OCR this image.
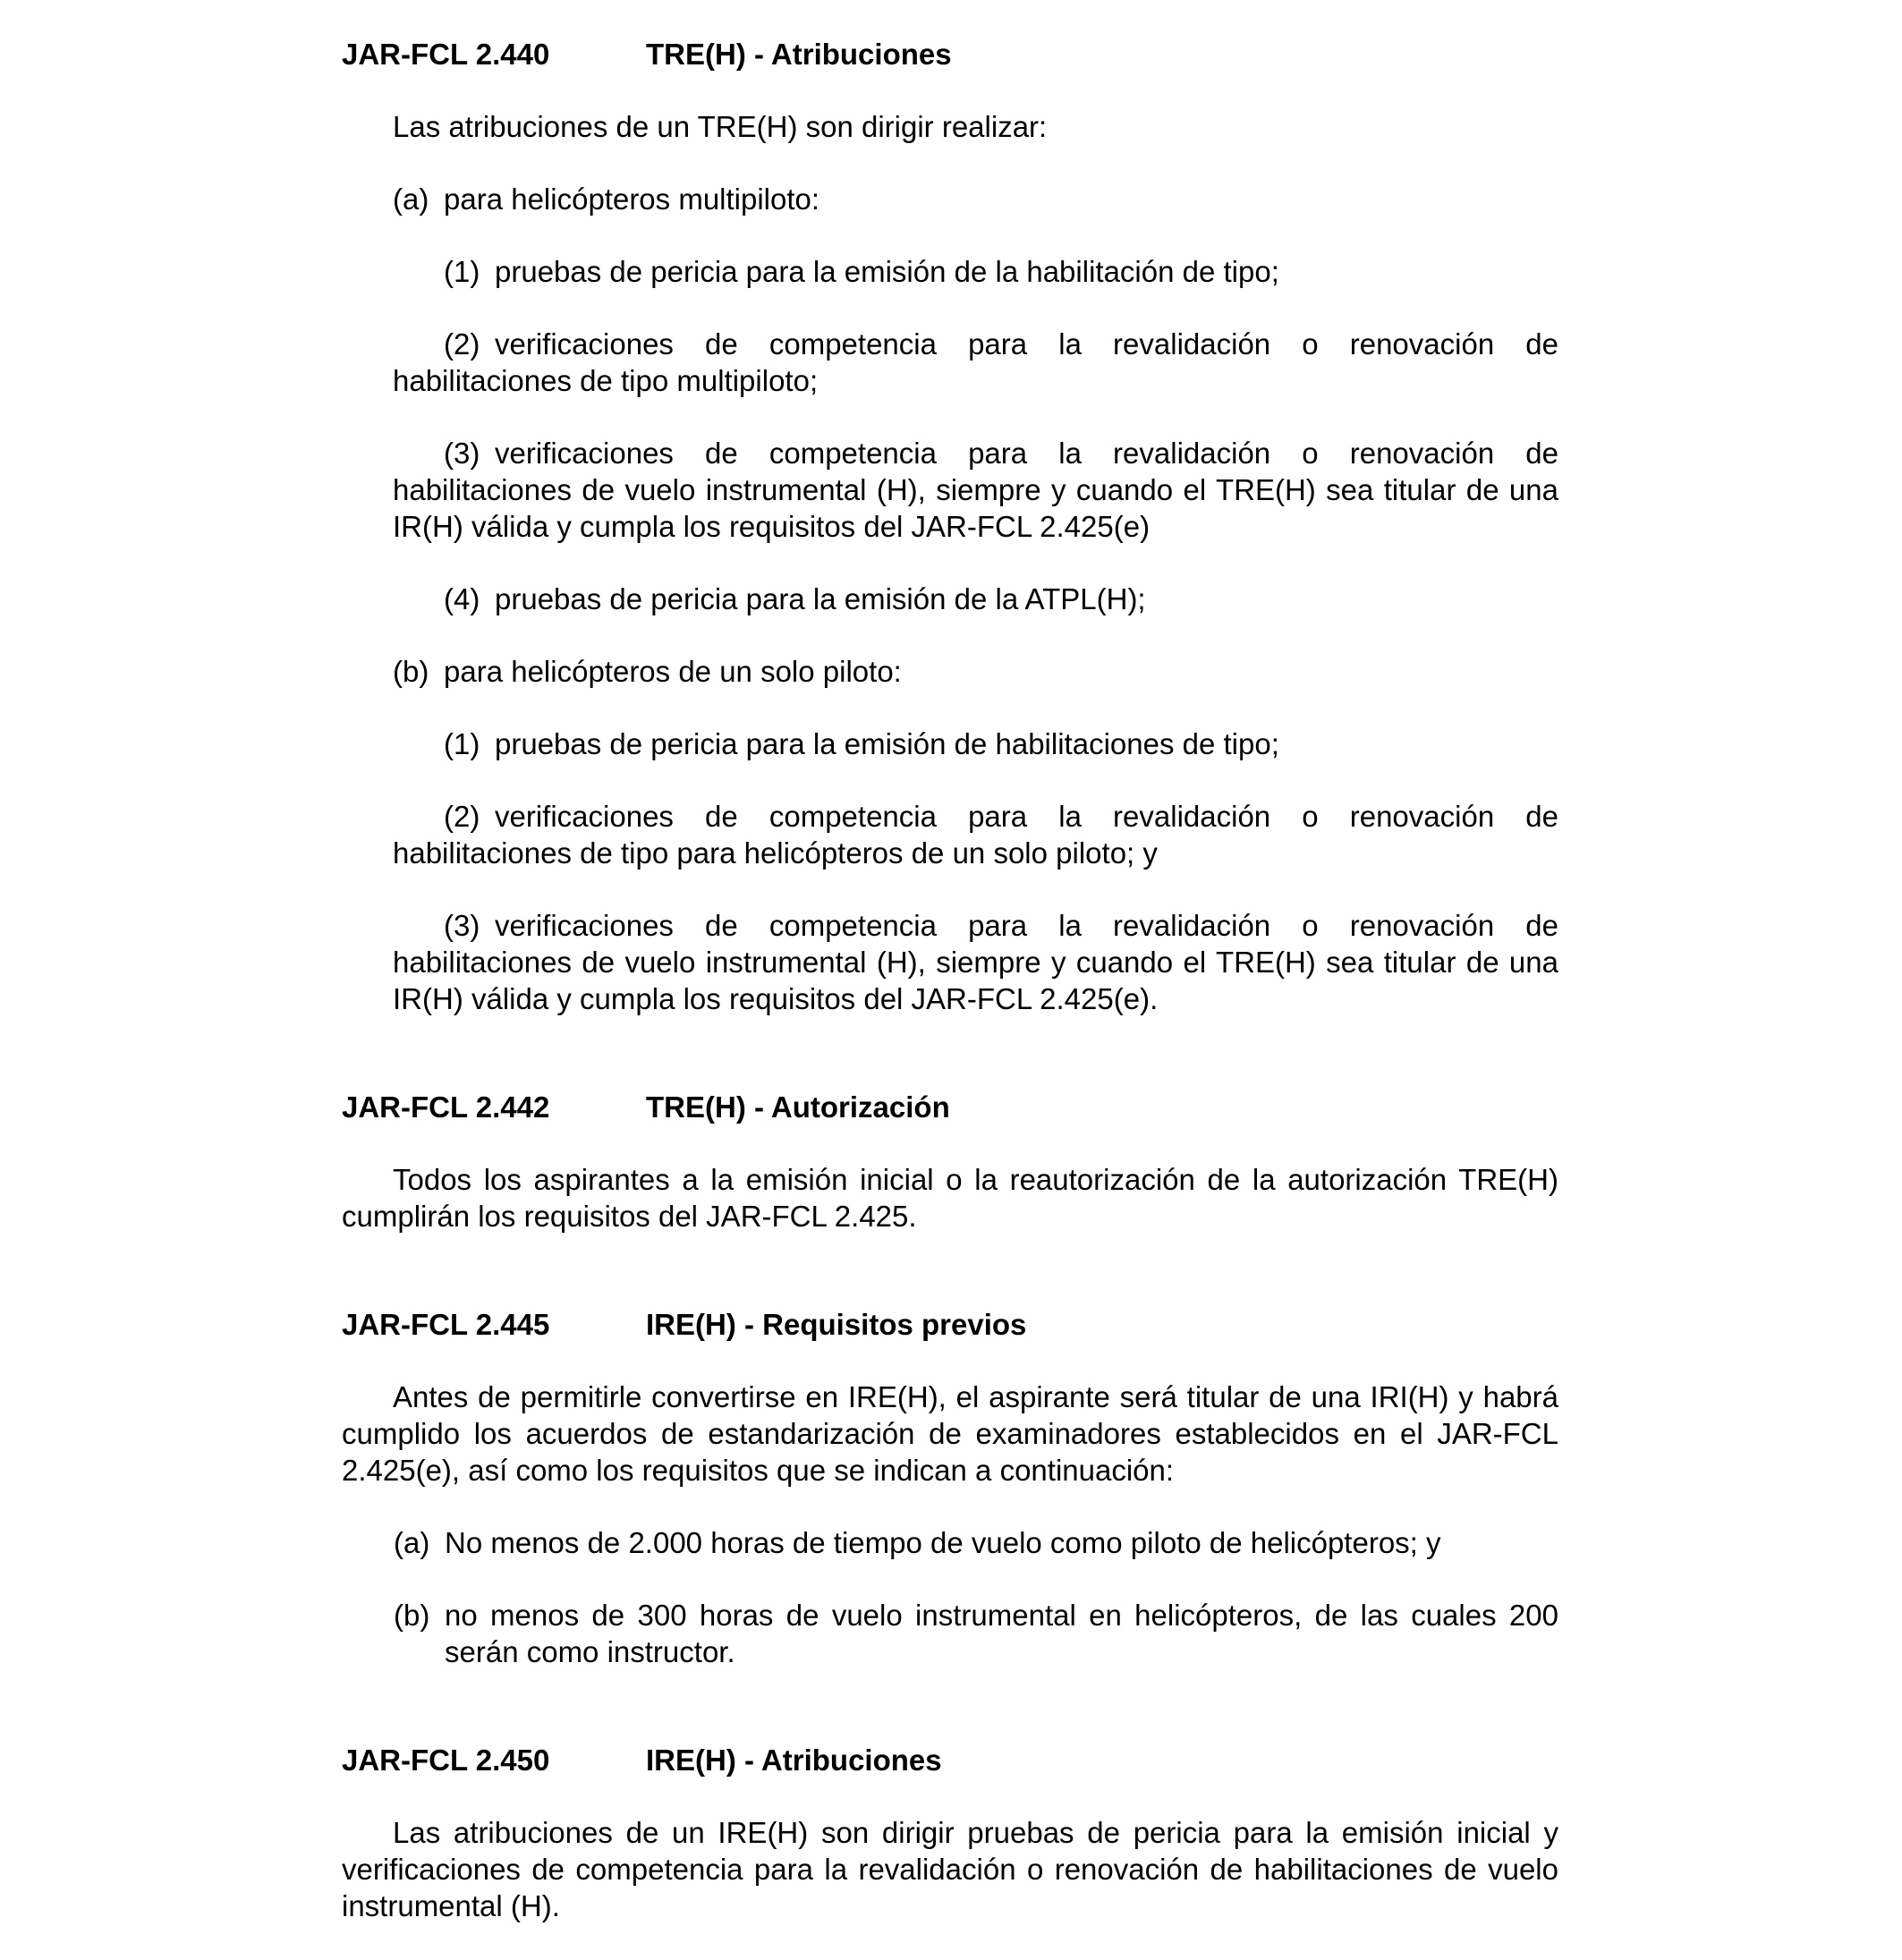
JAR-FCL 2.440	TRE(H) - Atribuciones
Las atribuciones de un TRE(H) son dirigir realizar:
(a) para helicópteros multipiloto:
(1) pruebas de pericia para la emisión de la habilitación de tipo;
(2) verificaciones de competencia para la revalidación o renovación de habilitaciones de tipo multipiloto;
(3) verificaciones de competencia para la revalidación o renovación de habilitaciones de vuelo instrumental (H), siempre y cuando el TRE(H) sea titular de una IR(H) válida y cumpla los requisitos del JAR-FCL 2.425(e)
(4) pruebas de pericia para la emisión de la ATPL(H);
(b) para helicópteros de un solo piloto:
(1) pruebas de pericia para la emisión de habilitaciones de tipo;
(2) verificaciones de competencia para la revalidación o renovación de habilitaciones de tipo para helicópteros de un solo piloto; y
(3) verificaciones de competencia para la revalidación o renovación de habilitaciones de vuelo instrumental (H), siempre y cuando el TRE(H) sea titular de una IR(H) válida y cumpla los requisitos del JAR-FCL 2.425(e).
JAR-FCL 2.442	TRE(H) - Autorización
Todos los aspirantes a la emisión inicial o la reautorización de la autorización TRE(H) cumplirán los requisitos del JAR-FCL 2.425.
JAR-FCL 2.445	IRE(H) - Requisitos previos
Antes de permitirle convertirse en IRE(H), el aspirante será titular de una IRI(H) y habrá cumplido los acuerdos de estandarización de examinadores establecidos en el JAR-FCL 2.425(e), así como los requisitos que se indican a continuación:
(a) No menos de 2.000 horas de tiempo de vuelo como piloto de helicópteros; y
(b) no menos de 300 horas de vuelo instrumental en helicópteros, de las cuales 200 serán como instructor.
JAR-FCL 2.450	IRE(H) - Atribuciones
Las atribuciones de un IRE(H) son dirigir pruebas de pericia para la emisión inicial y verificaciones de competencia para la revalidación o renovación de habilitaciones de vuelo instrumental (H).
